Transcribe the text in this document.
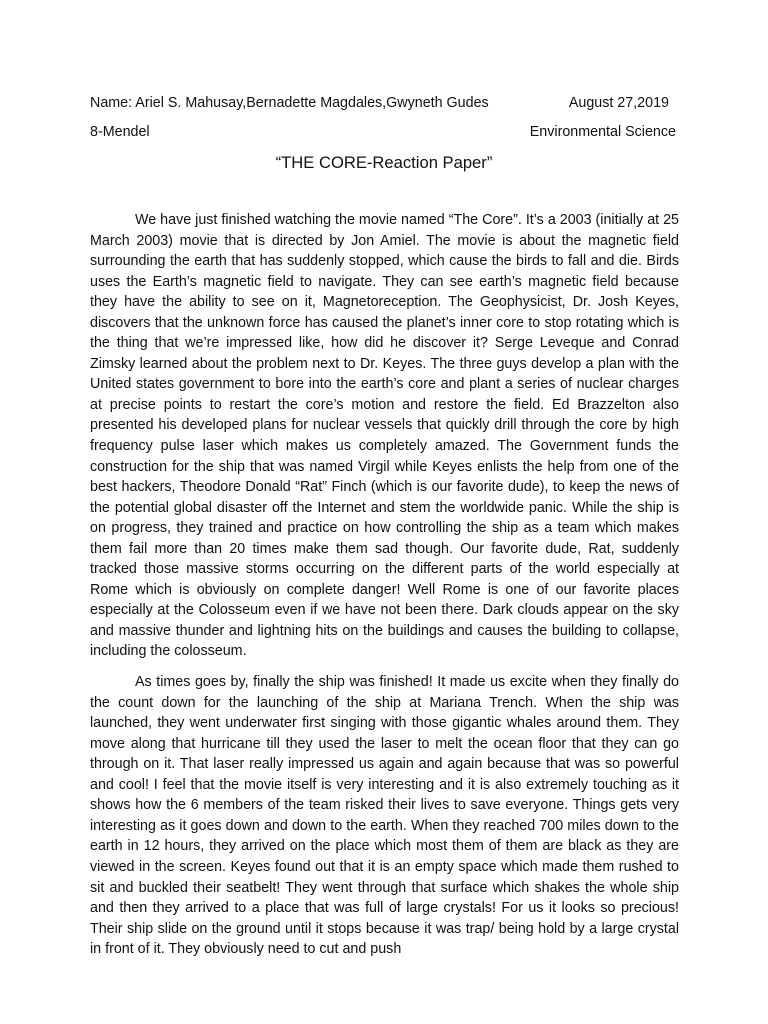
Name: Ariel S. Mahusay,Bernadette Magdales,Gwyneth Gudes	August 27,2019
8-Mendel	Environmental Science
“THE CORE-Reaction Paper”

We have just finished watching the movie named “The Core”. It’s a 2003 (initially at 25 March 2003) movie that is directed by Jon Amiel. The movie is about the magnetic field surrounding the earth that has suddenly stopped, which cause the birds to fall and die. Birds uses the Earth’s magnetic field to navigate. They can see earth’s magnetic field because they have the ability to see on it, Magnetoreception. The Geophysicist, Dr. Josh Keyes, discovers that the unknown force has caused the planet’s inner core to stop rotating which is the thing that we’re impressed like, how did he discover it? Serge Leveque and Conrad Zimsky learned about the problem next to Dr. Keyes. The three guys develop a plan with the United states government to bore into the earth’s core and plant a series of nuclear charges at precise points to restart the core’s motion and restore the field. Ed Brazzelton also presented his developed plans for nuclear vessels that quickly drill through the core by high frequency pulse laser which makes us completely amazed. The Government funds the construction for the ship that was named Virgil while Keyes enlists the help from one of the best hackers, Theodore Donald “Rat” Finch (which is our favorite dude), to keep the news of the potential global disaster off the Internet and stem the worldwide panic. While the ship is on progress, they trained and practice on how controlling the ship as a team which makes them fail more than 20 times make them sad though. Our favorite dude, Rat, suddenly tracked those massive storms occurring on the different parts of the world especially at Rome which is obviously on complete danger! Well Rome is one of our favorite places especially at the Colosseum even if we have not been there. Dark clouds appear on the sky and massive thunder and lightning hits on the buildings and causes the building to collapse, including the colosseum.

As times goes by, finally the ship was finished! It made us excite when they finally do the count down for the launching of the ship at Mariana Trench. When the ship was launched, they went underwater first singing with those gigantic whales around them. They move along that hurricane till they used the laser to melt the ocean floor that they can go through on it. That laser really impressed us again and again because that was so powerful and cool! I feel that the movie itself is very interesting and it is also extremely touching as it shows how the 6 members of the team risked their lives to save everyone. Things gets very interesting as it goes down and down to the earth. When they reached 700 miles down to the earth in 12 hours, they arrived on the place which most them of them are black as they are viewed in the screen. Keyes found out that it is an empty space which made them rushed to sit and buckled their seatbelt! They went through that surface which shakes the whole ship and then they arrived to a place that was full of large crystals! For us it looks so precious! Their ship slide on the ground until it stops because it was trap/ being hold by a large crystal in front of it. They obviously need to cut and push
